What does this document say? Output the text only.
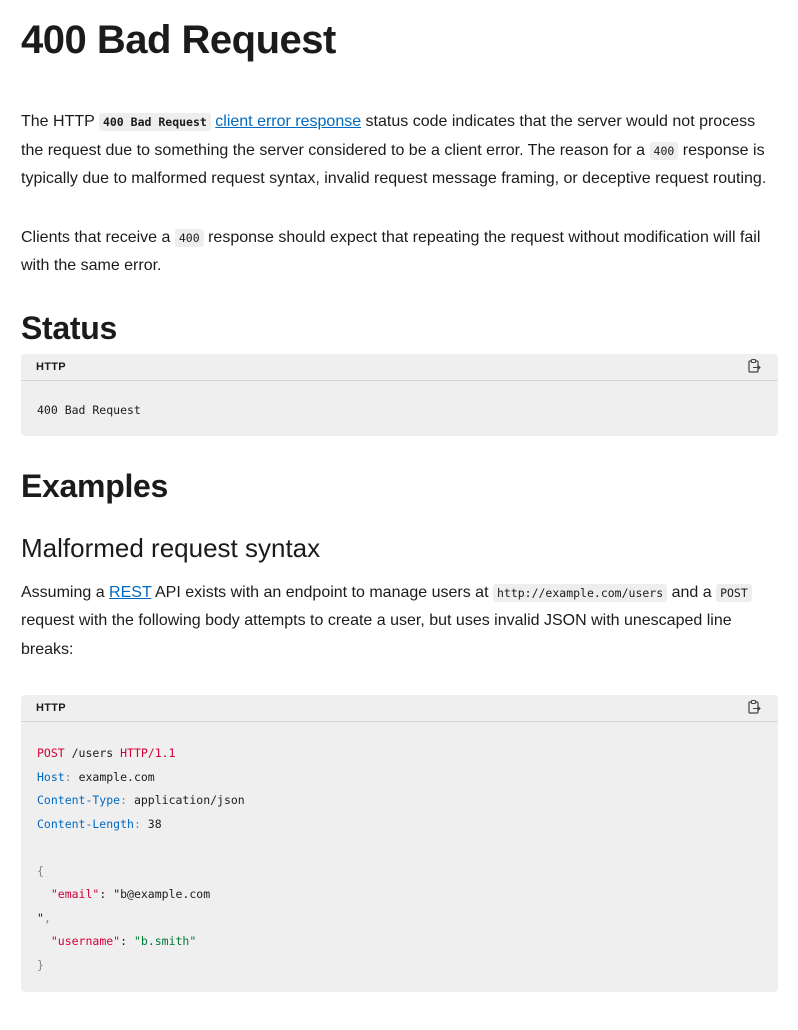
400 Bad Request

The HTTP 400 Bad Request client error response status code indicates that the server would not process the request due to something the server considered to be a client error. The reason for a 400 response is typically due to malformed request syntax, invalid request message framing, or deceptive request routing.

Clients that receive a 400 response should expect that repeating the request without modification will fail with the same error.

Status
HTTP
400 Bad Request
Examples
Malformed request syntax

Assuming a REST API exists with an endpoint to manage users at http://example.com/users and a POST request with the following body attempts to create a user, but uses invalid JSON with unescaped line breaks:

HTTP
POST /users HTTP/1.1
Host: example.com
Content-Type: application/json
Content-Length: 38
{
"email": "b@example.com
",
"username": "b.smith"
}
